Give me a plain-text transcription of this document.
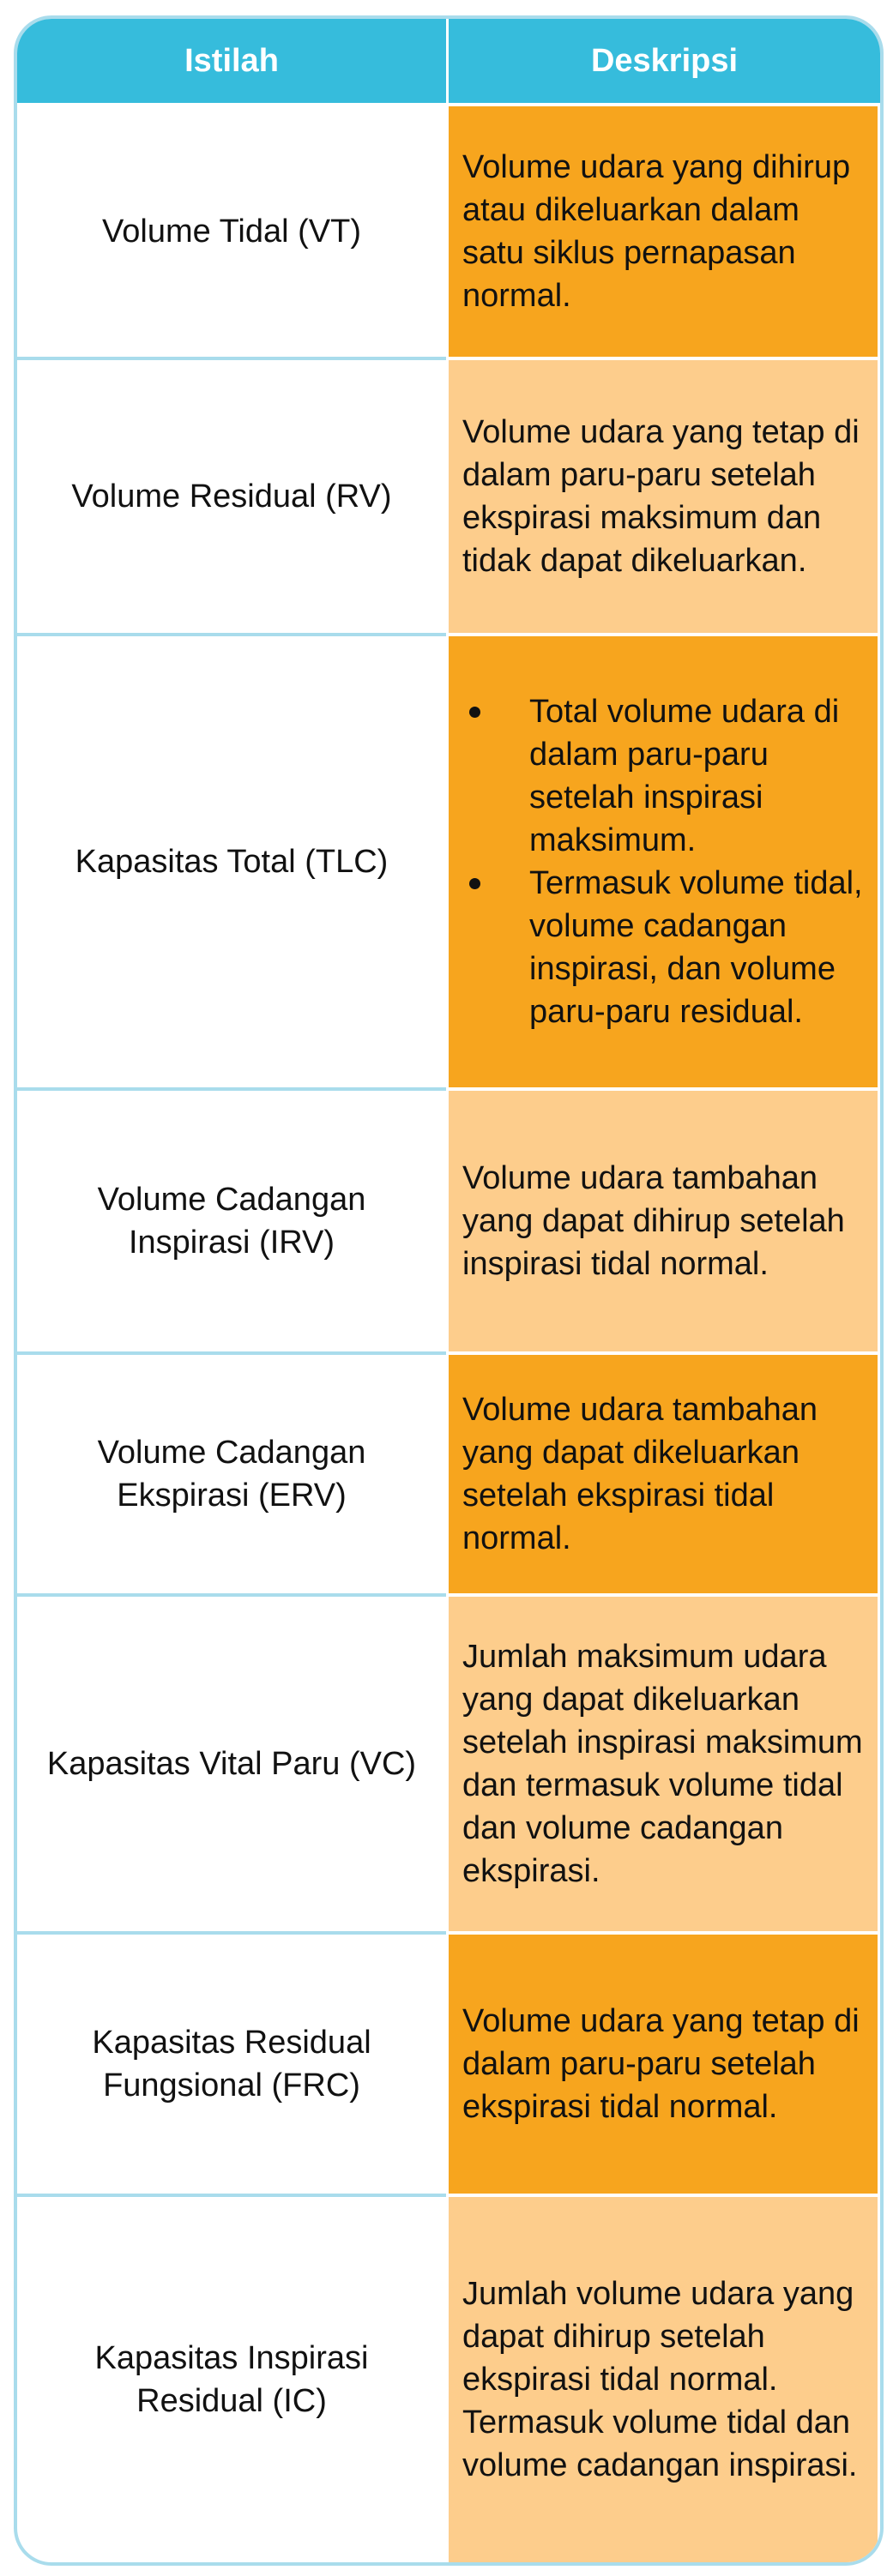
Istilah	Deskripsi
Volume Tidal (VT)
Volume udara yang dihirup atau dikeluarkan dalam satu siklus pernapasan normal.
Volume Residual (RV)
Volume udara yang tetap di dalam paru-paru setelah ekspirasi maksimum dan tidak dapat dikeluarkan.
Kapasitas Total (TLC)
Total volume udara di dalam paru-paru setelah inspirasi maksimum.
Termasuk volume tidal, volume cadangan inspirasi, dan volume paru-paru residual.
Volume Cadangan Inspirasi (IRV)
Volume udara tambahan yang dapat dihirup setelah inspirasi tidal normal.
Volume Cadangan Ekspirasi (ERV)
Volume udara tambahan yang dapat dikeluarkan setelah ekspirasi tidal normal.
Kapasitas Vital Paru (VC)
Jumlah maksimum udara yang dapat dikeluarkan setelah inspirasi maksimum dan termasuk volume tidal dan volume cadangan ekspirasi.
Kapasitas Residual Fungsional (FRC)
Volume udara yang tetap di dalam paru-paru setelah ekspirasi tidal normal.
Kapasitas Inspirasi Residual (IC)
Jumlah volume udara yang dapat dihirup setelah ekspirasi tidal normal. Termasuk volume tidal dan volume cadangan inspirasi.
